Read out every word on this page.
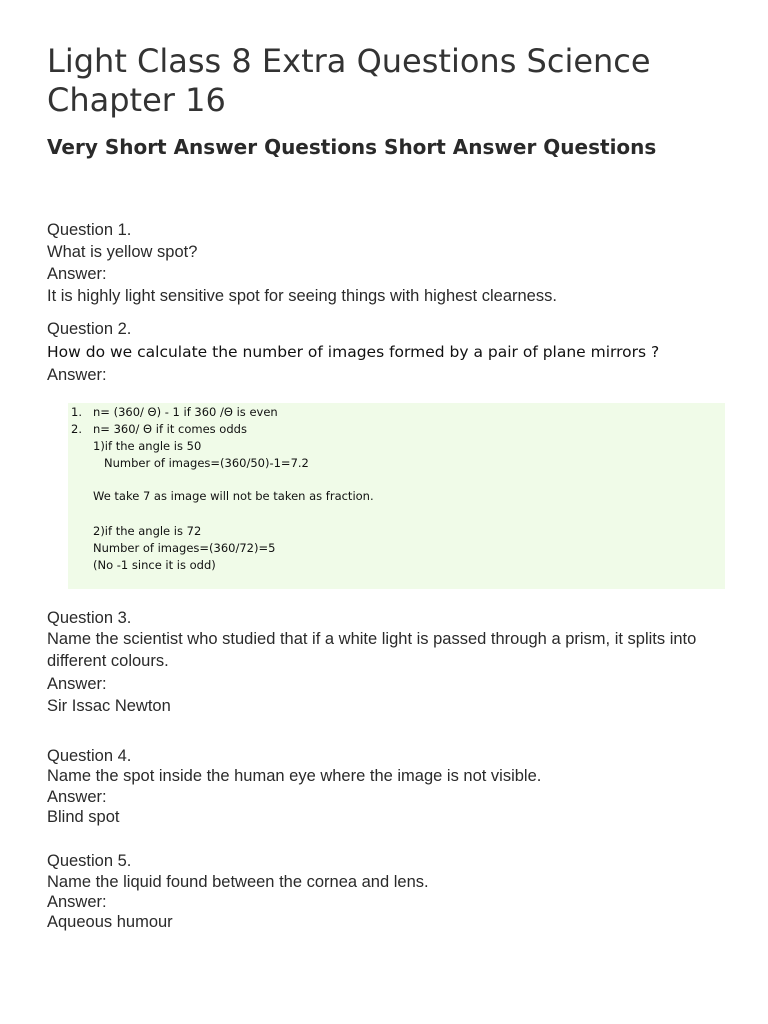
Light Class 8 Extra Questions Science Chapter 16
Very Short Answer Questions Short Answer Questions
Question 1.
What is yellow spot?
Answer:
It is highly light sensitive spot for seeing things with highest clearness.
Question 2.
How do we calculate the number of images formed by a pair of plane mirrors ?
Answer:
1. n= (360/ Θ) - 1 if 360 /Θ is even
2. n= 360/ Θ if it comes odds
1)if the angle is 50
Number of images=(360/50)-1=7.2
We take 7 as image will not be taken as fraction.
2)if the angle is 72
Number of images=(360/72)=5
(No -1 since it is odd)
Question 3.
Name the scientist who studied that if a white light is passed through a prism, it splits into different colours.
Answer:
Sir Issac Newton
Question 4.
Name the spot inside the human eye where the image is not visible.
Answer:
Blind spot
Question 5.
Name the liquid found between the cornea and lens.
Answer:
Aqueous humour
